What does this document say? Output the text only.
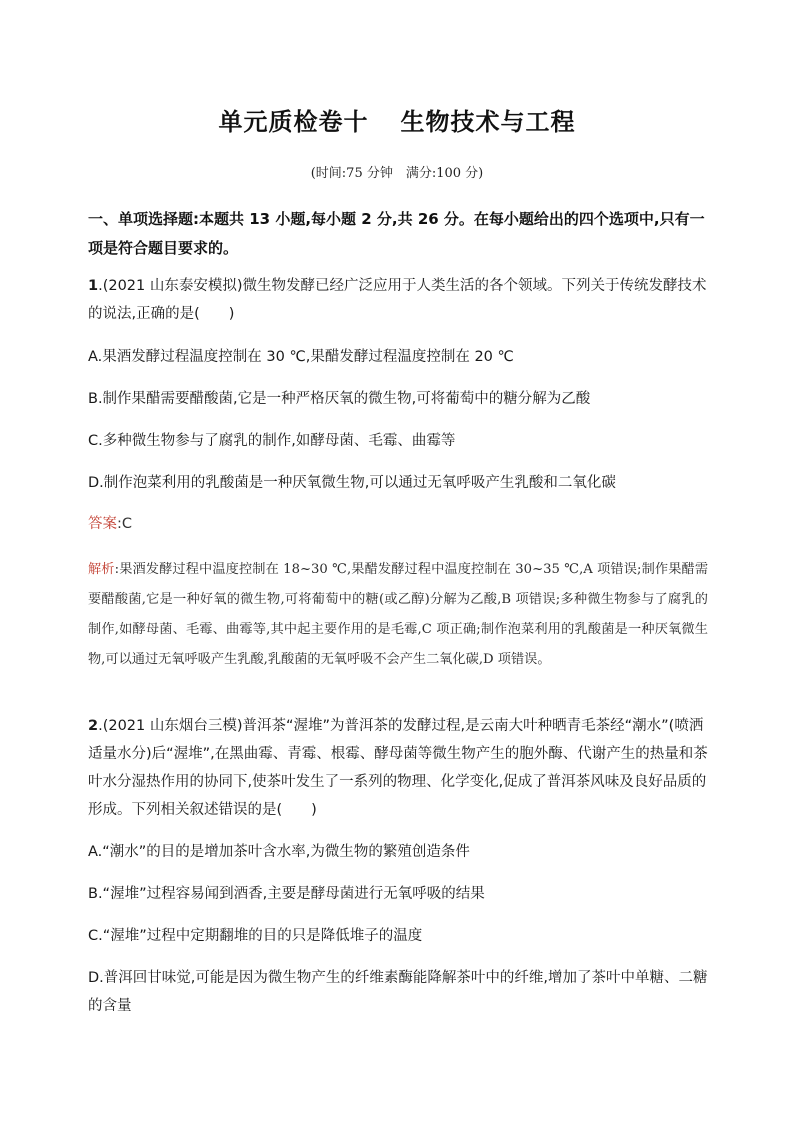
单元质检卷十 生物技术与工程
(时间:75 分钟　满分:100 分)
一、单项选择题:本题共 13 小题,每小题 2 分,共 26 分。在每小题给出的四个选项中,只有一项是符合题目要求的。
1.(2021 山东泰安模拟)微生物发酵已经广泛应用于人类生活的各个领域。下列关于传统发酵技术的说法,正确的是(　　)
A.果酒发酵过程温度控制在 30 ℃,果醋发酵过程温度控制在 20 ℃
B.制作果醋需要醋酸菌,它是一种严格厌氧的微生物,可将葡萄中的糖分解为乙酸
C.多种微生物参与了腐乳的制作,如酵母菌、毛霉、曲霉等
D.制作泡菜利用的乳酸菌是一种厌氧微生物,可以通过无氧呼吸产生乳酸和二氧化碳
答案:C
解析:果酒发酵过程中温度控制在 18~30 ℃,果醋发酵过程中温度控制在 30~35 ℃,A 项错误;制作果醋需要醋酸菌,它是一种好氧的微生物,可将葡萄中的糖(或乙醇)分解为乙酸,B 项错误;多种微生物参与了腐乳的制作,如酵母菌、毛霉、曲霉等,其中起主要作用的是毛霉,C 项正确;制作泡菜利用的乳酸菌是一种厌氧微生物,可以通过无氧呼吸产生乳酸,乳酸菌的无氧呼吸不会产生二氧化碳,D 项错误。
2.(2021 山东烟台三模)普洱茶“渥堆”为普洱茶的发酵过程,是云南大叶种晒青毛茶经“潮水”(喷洒适量水分)后“渥堆”,在黑曲霉、青霉、根霉、酵母菌等微生物产生的胞外酶、代谢产生的热量和茶叶水分湿热作用的协同下,使茶叶发生了一系列的物理、化学变化,促成了普洱茶风味及良好品质的形成。下列相关叙述错误的是(　　)
A.“潮水”的目的是增加茶叶含水率,为微生物的繁殖创造条件
B.“渥堆”过程容易闻到酒香,主要是酵母菌进行无氧呼吸的结果
C.“渥堆”过程中定期翻堆的目的只是降低堆子的温度
D.普洱回甘味觉,可能是因为微生物产生的纤维素酶能降解茶叶中的纤维,增加了茶叶中单糖、二糖的含量
